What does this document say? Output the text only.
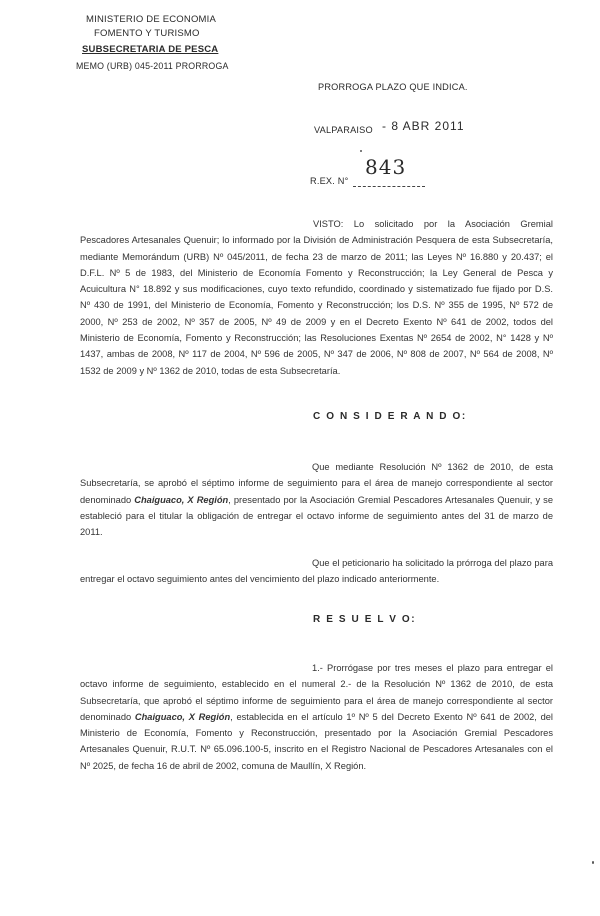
MINISTERIO DE ECONOMIA
FOMENTO Y TURISMO
SUBSECRETARIA DE PESCA
MEMO (URB) 045-2011 PRORROGA
PRORROGA PLAZO QUE INDICA.
VALPARAISO - 8 ABR 2011
R.EX. N°
843
VISTO: Lo solicitado por la Asociación Gremial Pescadores Artesanales Quenuir; lo informado por la División de Administración Pesquera de esta Subsecretaría, mediante Memorándum (URB) Nº 045/2011, de fecha 23 de marzo de 2011; las Leyes Nº 16.880 y 20.437; el D.F.L. Nº 5 de 1983, del Ministerio de Economía Fomento y Reconstrucción; la Ley General de Pesca y Acuicultura N° 18.892 y sus modificaciones, cuyo texto refundido, coordinado y sistematizado fue fijado por D.S. Nº 430 de 1991, del Ministerio de Economía, Fomento y Reconstrucción; los D.S. Nº 355 de 1995, Nº 572 de 2000, Nº 253 de 2002, Nº 357 de 2005, Nº 49 de 2009 y en el Decreto Exento Nº 641 de 2002, todos del Ministerio de Economía, Fomento y Reconstrucción; las Resoluciones Exentas Nº 2654 de 2002, N° 1428 y Nº 1437, ambas de 2008, Nº 117 de 2004, Nº 596 de 2005, Nº 347 de 2006, Nº 808 de 2007, Nº 564 de 2008, Nº 1532 de 2009 y Nº 1362 de 2010, todas de esta Subsecretaría.
C O N S I D E R A N D O:
Que mediante Resolución Nº 1362 de 2010, de esta Subsecretaría, se aprobó el séptimo informe de seguimiento para el área de manejo correspondiente al sector denominado Chaiguaco, X Región, presentado por la Asociación Gremial Pescadores Artesanales Quenuir, y se estableció para el titular la obligación de entregar el octavo informe de seguimiento antes del 31 de marzo de 2011.
Que el peticionario ha solicitado la prórroga del plazo para entregar el octavo seguimiento antes del vencimiento del plazo indicado anteriormente.
R E S U E L V O:
1.- Prorrógase por tres meses el plazo para entregar el octavo informe de seguimiento, establecido en el numeral 2.- de la Resolución Nº 1362 de 2010, de esta Subsecretaría, que aprobó el séptimo informe de seguimiento para el área de manejo correspondiente al sector denominado Chaiguaco, X Región, establecida en el artículo 1º Nº 5 del Decreto Exento Nº 641 de 2002, del Ministerio de Economía, Fomento y Reconstrucción, presentado por la Asociación Gremial Pescadores Artesanales Quenuir, R.U.T. Nº 65.096.100-5, inscrito en el Registro Nacional de Pescadores Artesanales con el Nº 2025, de fecha 16 de abril de 2002, comuna de Maullín, X Región.
